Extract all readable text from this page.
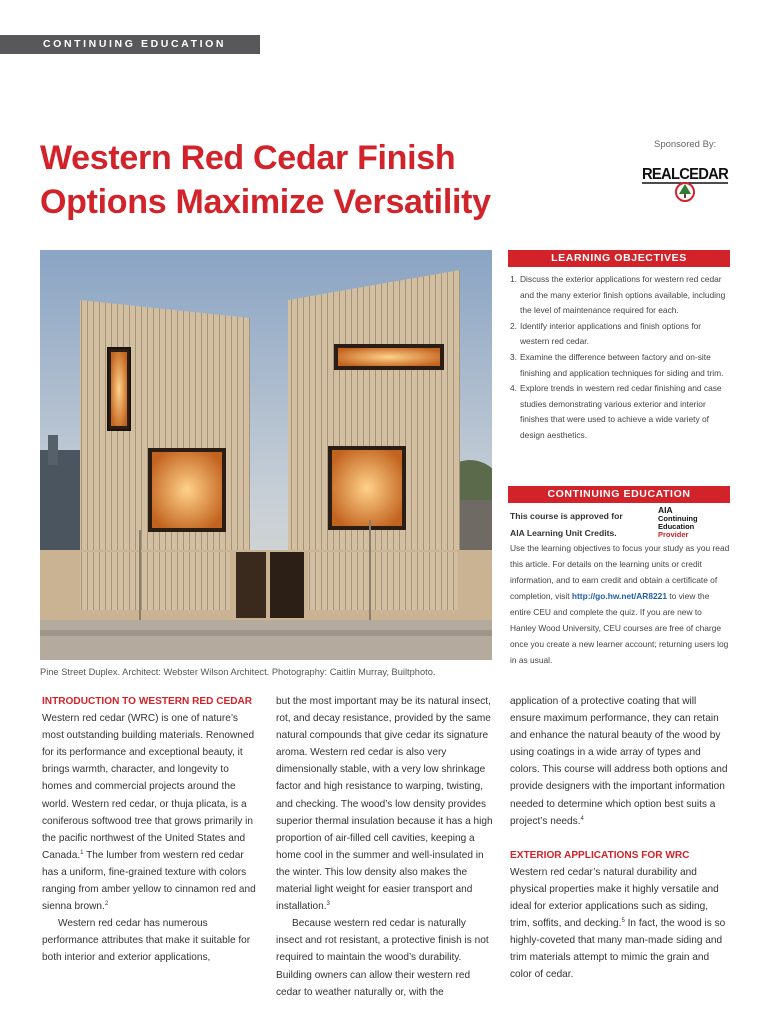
CONTINUING EDUCATION
Western Red Cedar Finish
Options Maximize Versatility
Sponsored By:
REALCEDAR
Pine Street Duplex. Architect: Webster Wilson Architect. Photography: Caitlin Murray, Builtphoto.
LEARNING OBJECTIVES
1. Discuss the exterior applications for western red cedar and the many exterior finish options available, including the level of maintenance required for each.
2. Identify interior applications and finish options for western red cedar.
3. Examine the difference between factory and on-site finishing and application techniques for siding and trim.
4. Explore trends in western red cedar finishing and case studies demonstrating various exterior and interior finishes that were used to achieve a wide variety of design aesthetics.
CONTINUING EDUCATION
This course is approved for
AIA Learning Unit Credits.
AIA
Continuing
Education
Provider
Use the learning objectives to focus your study as you read this article. For details on the learning units or credit information, and to earn credit and obtain a certificate of completion, visit http://go.hw.net/AR8221 to view the entire CEU and complete the quiz. If you are new to Hanley Wood University, CEU courses are free of charge once you create a new learner account; returning users log in as usual.
INTRODUCTION TO WESTERN RED CEDAR
Western red cedar (WRC) is one of nature’s most outstanding building materials. Renowned for its performance and exceptional beauty, it brings warmth, character, and longevity to homes and commercial projects around the world. Western red cedar, or thuja plicata, is a coniferous softwood tree that grows primarily in the pacific northwest of the United States and Canada.$^1$ The lumber from western red cedar has a uniform, fine-grained texture with colors ranging from amber yellow to cinnamon red and sienna brown.$^2$
Western red cedar has numerous performance attributes that make it suitable for both interior and exterior applications,
but the most important may be its natural insect, rot, and decay resistance, provided by the same natural compounds that give cedar its signature aroma. Western red cedar is also very dimensionally stable, with a very low shrinkage factor and high resistance to warping, twisting, and checking. The wood’s low density provides superior thermal insulation because it has a high proportion of air-filled cell cavities, keeping a home cool in the summer and well-insulated in the winter. This low density also makes the material light weight for easier transport and installation.$^3$
Because western red cedar is naturally insect and rot resistant, a protective finish is not required to maintain the wood’s durability. Building owners can allow their western red cedar to weather naturally or, with the
application of a protective coating that will ensure maximum performance, they can retain and enhance the natural beauty of the wood by using coatings in a wide array of types and colors. This course will address both options and provide designers with the important information needed to determine which option best suits a project’s needs.$^4$
EXTERIOR APPLICATIONS FOR WRC
Western red cedar’s natural durability and physical properties make it highly versatile and ideal for exterior applications such as siding, trim, soffits, and decking.$^5$ In fact, the wood is so highly-coveted that many man-made siding and trim materials attempt to mimic the grain and color of cedar.
